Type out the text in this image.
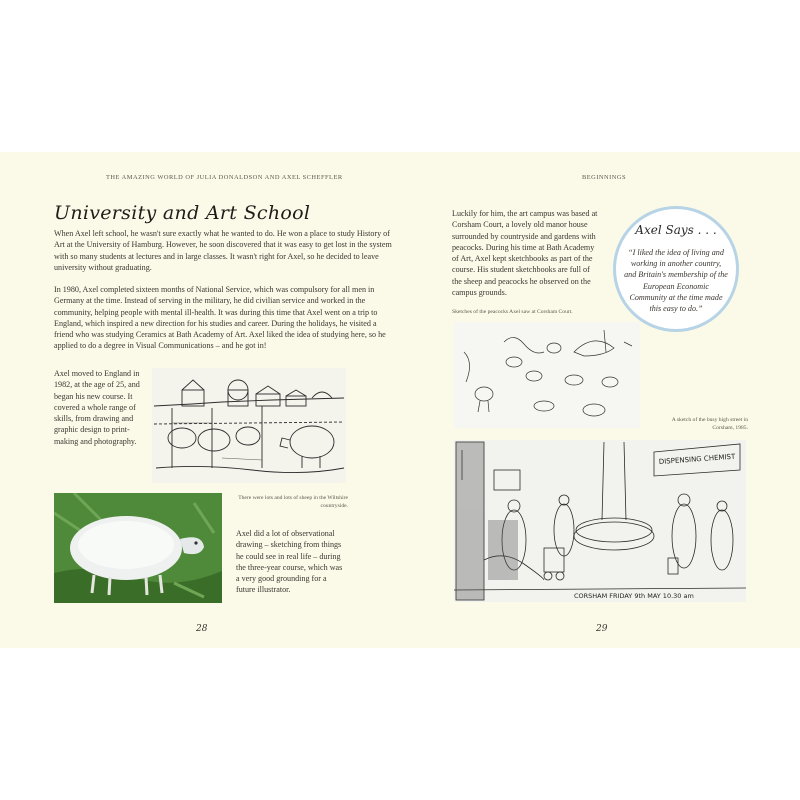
THE AMAZING WORLD OF JULIA DONALDSON AND AXEL SCHEFFLER	BEGINNINGS
University and Art School

When Axel left school, he wasn't sure exactly what he wanted to do. He won a place to study History of Art at the University of Hamburg. However, he soon discovered that it was easy to get lost in the system with so many students at lectures and in large classes. It wasn't right for Axel, so he decided to leave university without graduating.

In 1980, Axel completed sixteen months of National Service, which was compulsory for all men in Germany at the time. Instead of serving in the military, he did civilian service and worked in the community, helping people with mental ill-health. It was during this time that Axel went on a trip to England, which inspired a new direction for his studies and career. During the holidays, he visited a friend who was studying Ceramics at Bath Academy of Art. Axel liked the idea of studying here, so he applied to do a degree in Visual Communications – and he got in!

Axel moved to England in 1982, at the age of 25, and began his new course. It covered a whole range of skills, from drawing and graphic design to print-making and photography.

There were lots and lots of sheep in the Wiltshire countryside.

Axel did a lot of observational drawing – sketching from things he could see in real life – during the three-year course, which was a very good grounding for a future illustrator.

28

Luckily for him, the art campus was based at Corsham Court, a lovely old manor house surrounded by countryside and gardens with peacocks. During his time at Bath Academy of Art, Axel kept sketchbooks as part of the course. His student sketchbooks are full of the sheep and peacocks he observed on the campus grounds.

Axel Says . . .
“I liked the idea of living and working in another country, and Britain's membership of the European Economic Community at the time made this easy to do.”
Sketches of the peacocks Axel saw at Corsham Court.
A sketch of the busy high street in Corsham, 1985.
DISPENSING CHEMIST
CORSHAM FRIDAY 9th MAY 10.30 am
29
